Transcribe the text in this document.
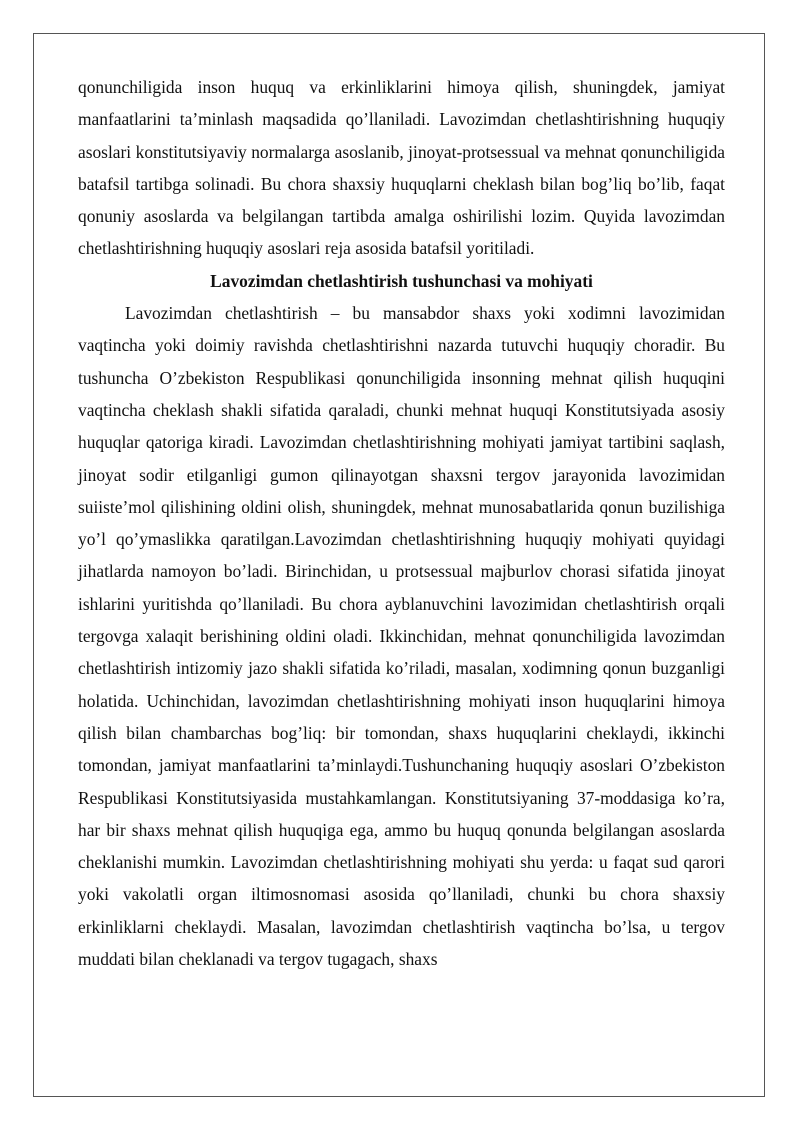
qonunchiligida inson huquq va erkinliklarini himoya qilish, shuningdek, jamiyat manfaatlarini ta’minlash maqsadida qo’llaniladi. Lavozimdan chetlashtirishning huquqiy asoslari konstitutsiyaviy normalarga asoslanib, jinoyat-protsessual va mehnat qonunchiligida batafsil tartibga solinadi. Bu chora shaxsiy huquqlarni cheklash bilan bog’liq bo’lib, faqat qonuniy asoslarda va belgilangan tartibda amalga oshirilishi lozim. Quyida lavozimdan chetlashtirishning huquqiy asoslari reja asosida batafsil yoritiladi.

Lavozimdan chetlashtirish tushunchasi va mohiyati

Lavozimdan chetlashtirish – bu mansabdor shaxs yoki xodimni lavozimidan vaqtincha yoki doimiy ravishda chetlashtirishni nazarda tutuvchi huquqiy choradir. Bu tushuncha O’zbekiston Respublikasi qonunchiligida insonning mehnat qilish huquqini vaqtincha cheklash shakli sifatida qaraladi, chunki mehnat huquqi Konstitutsiyada asosiy huquqlar qatoriga kiradi. Lavozimdan chetlashtirishning mohiyati jamiyat tartibini saqlash, jinoyat sodir etilganligi gumon qilinayotgan shaxsni tergov jarayonida lavozimidan suiiste’mol qilishining oldini olish, shuningdek, mehnat munosabatlarida qonun buzilishiga yo’l qo’ymaslikka qaratilgan.Lavozimdan chetlashtirishning huquqiy mohiyati quyidagi jihatlarda namoyon bo’ladi. Birinchidan, u protsessual majburlov chorasi sifatida jinoyat ishlarini yuritishda qo’llaniladi. Bu chora ayblanuvchini lavozimidan chetlashtirish orqali tergovga xalaqit berishining oldini oladi. Ikkinchidan, mehnat qonunchiligida lavozimdan chetlashtirish intizomiy jazo shakli sifatida ko’riladi, masalan, xodimning qonun buzganligi holatida. Uchinchidan, lavozimdan chetlashtirishning mohiyati inson huquqlarini himoya qilish bilan chambarchas bog’liq: bir tomondan, shaxs huquqlarini cheklaydi, ikkinchi tomondan, jamiyat manfaatlarini ta’minlaydi.Tushunchaning huquqiy asoslari O’zbekiston Respublikasi Konstitutsiyasida mustahkamlangan. Konstitutsiyaning 37-moddasiga ko’ra, har bir shaxs mehnat qilish huquqiga ega, ammo bu huquq qonunda belgilangan asoslarda cheklanishi mumkin. Lavozimdan chetlashtirishning mohiyati shu yerda: u faqat sud qarori yoki vakolatli organ iltimosnomasi asosida qo’llaniladi, chunki bu chora shaxsiy erkinliklarni cheklaydi. Masalan, lavozimdan chetlashtirish vaqtincha bo’lsa, u tergov muddati bilan cheklanadi va tergov tugagach, shaxs
